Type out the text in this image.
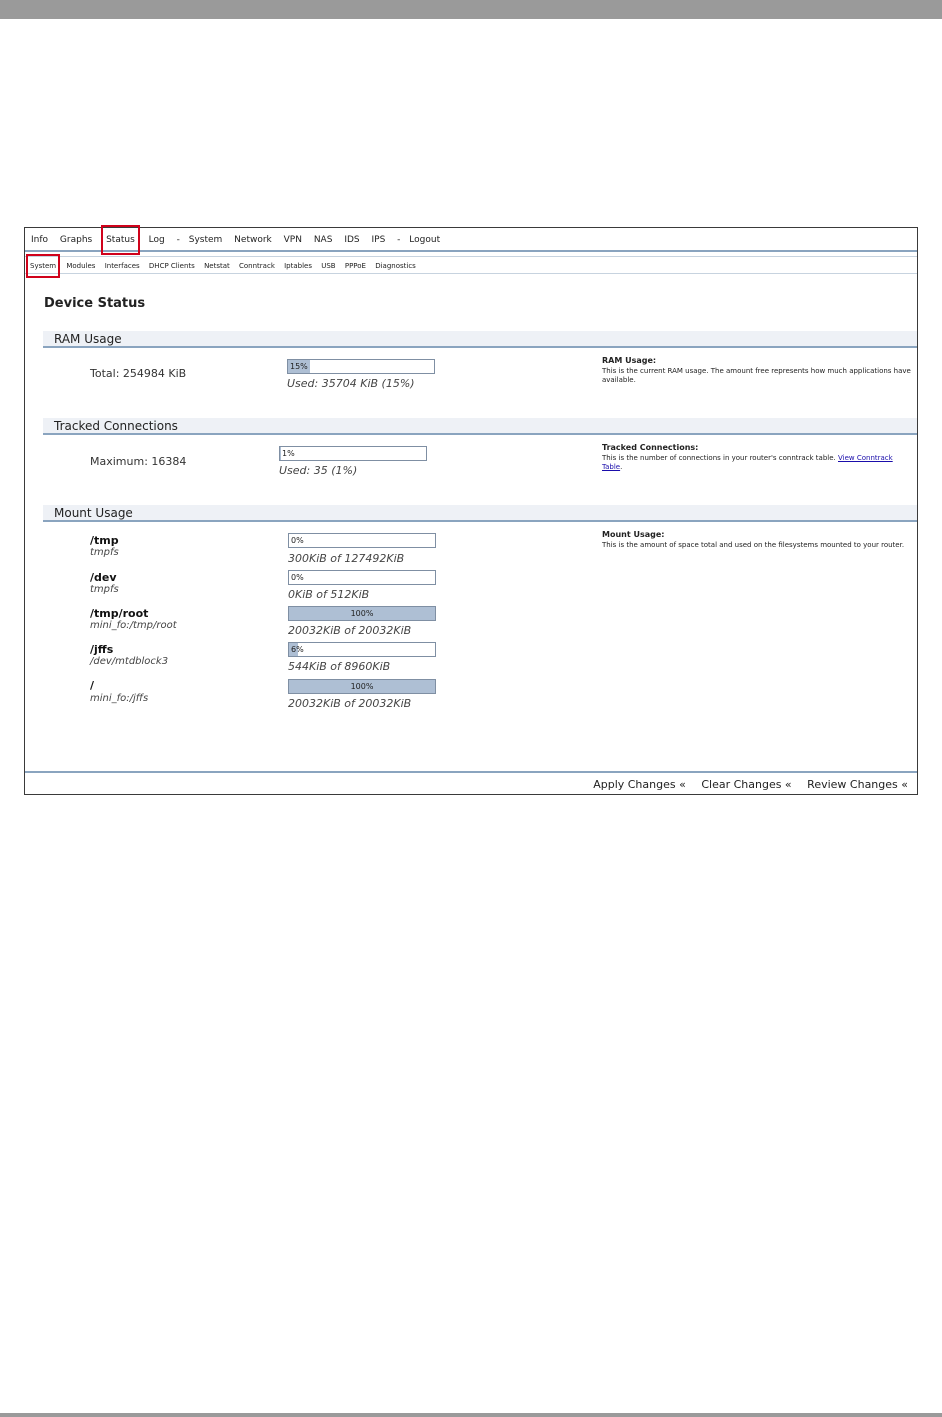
Info Graphs Status Log - System Network VPN NAS IDS IPS - Logout
System Modules Interfaces DHCP Clients Netstat Conntrack Iptables USB PPPoE Diagnostics
Device Status
RAM Usage
Total: 254984 KiB
15%
Used: 35704 KiB (15%)
RAM Usage:
This is the current RAM usage. The amount free represents how much applications have available.
Tracked Connections
Maximum: 16384
1%
Used: 35 (1%)
Tracked Connections:
This is the number of connections in your router's conntrack table. View Conntrack Table.
Mount Usage
Mount Usage:
This is the amount of space total and used on the filesystems mounted to your router.
/tmp
tmpfs
0%
300KiB of 127492KiB
/dev
tmpfs
0%
0KiB of 512KiB
/tmp/root
mini_fo:/tmp/root
100%
20032KiB of 20032KiB
/jffs
/dev/mtdblock3
6%
544KiB of 8960KiB
/
mini_fo:/jffs
100%
20032KiB of 20032KiB
Apply Changes « Clear Changes « Review Changes «
